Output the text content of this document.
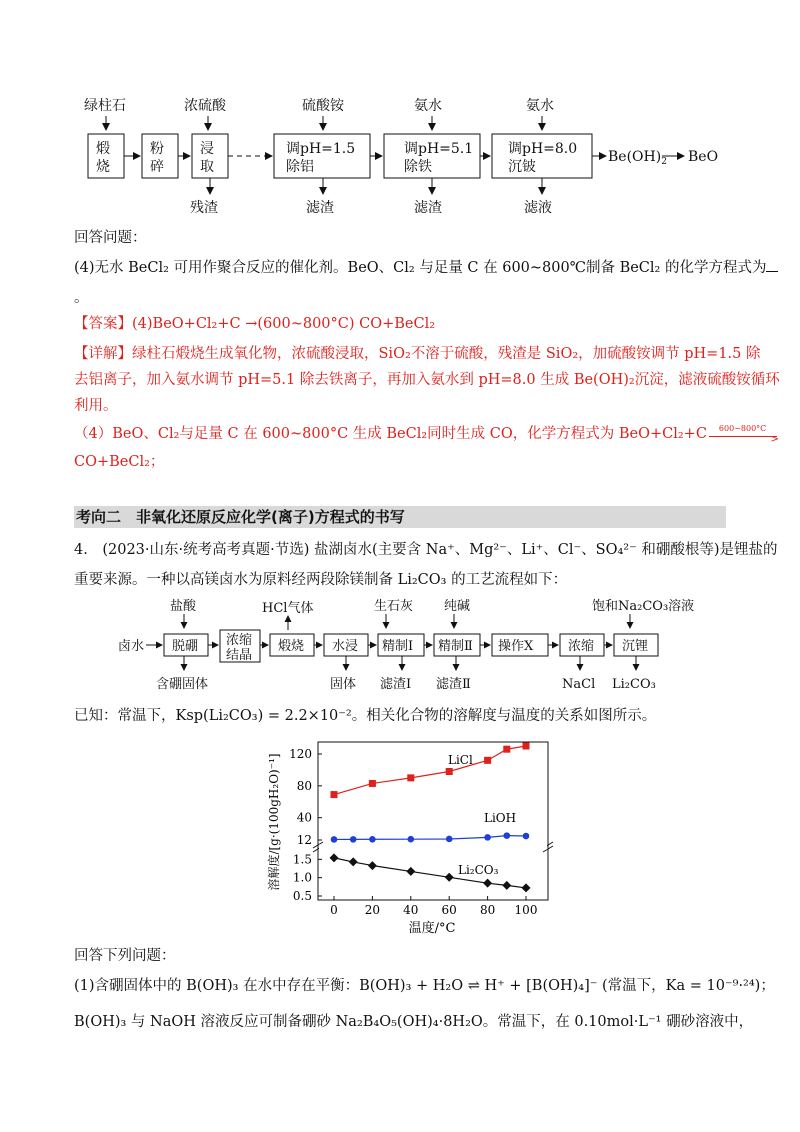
绿柱石	浓硫酸	硫酸铵	氨水	氨水
煅
烧
粉
碎
浸
取
调pH=1.5
除铝
调pH=5.1
除铁
调pH=8.0
沉铍
$Be(OH)_2$ BeO
残渣	滤渣	滤渣	滤液
回答问题：
(4)无水 BeCl₂ 可用作聚合反应的催化剂。BeO、Cl₂ 与足量 C 在 600~800℃制备 BeCl₂ 的化学方程式为
。
【答案】(4)BeO+Cl₂+C →(600~800°C) CO+BeCl₂
【详解】绿柱石煅烧生成氧化物，浓硫酸浸取，SiO₂不溶于硫酸，残渣是 SiO₂，加硫酸铵调节 pH=1.5 除
去铝离子，加入氨水调节 pH=5.1 除去铁离子，再加入氨水到 pH=8.0 生成 Be(OH)₂沉淀，滤液硫酸铵循环
利用。
（4）BeO、Cl₂与足量 C 在 600~800°C 生成 BeCl₂同时生成 CO，化学方程式为 BeO+Cl₂+C 600~800°C
>
CO+BeCl₂；
考向二　非氧化还原反应化学(离子)方程式的书写
4.　(2023·山东·统考高考真题·节选) 盐湖卤水(主要含 Na⁺、Mg²⁻、Li⁺、Cl⁻、SO₄²⁻ 和硼酸根等)是锂盐的
重要来源。一种以高镁卤水为原料经两段除镁制备 Li₂CO₃ 的工艺流程如下：
盐酸	HCl气体	生石灰 纯碱	饱和Na₂CO₃溶液
卤水 脱硼 浓缩
结晶
煅烧 水浸 精制Ⅰ 精制Ⅱ 操作X	浓缩 沉锂
含硼固体	固体 滤渣Ⅰ 滤渣Ⅱ	NaCl Li₂CO₃
已知：常温下，Ksp(Li₂CO₃) = 2.2×10⁻²。相关化合物的溶解度与温度的关系如图所示。
0 20 40 60 80 100
120
80
40
12
1.5
1.0
0.5
LiCl
LiOH
Li₂CO₃
温度/°C
溶解度/[g·(100gH₂O)⁻¹]
回答下列问题：
(1)含硼固体中的 B(OH)₃ 在水中存在平衡：B(OH)₃ + H₂O ⇌ H⁺ + [B(OH)₄]⁻ (常温下，Ka = 10⁻⁹·²⁴)；
B(OH)₃ 与 NaOH 溶液反应可制备硼砂 Na₂B₄O₅(OH)₄·8H₂O。常温下，在 0.10mol·L⁻¹ 硼砂溶液中，
